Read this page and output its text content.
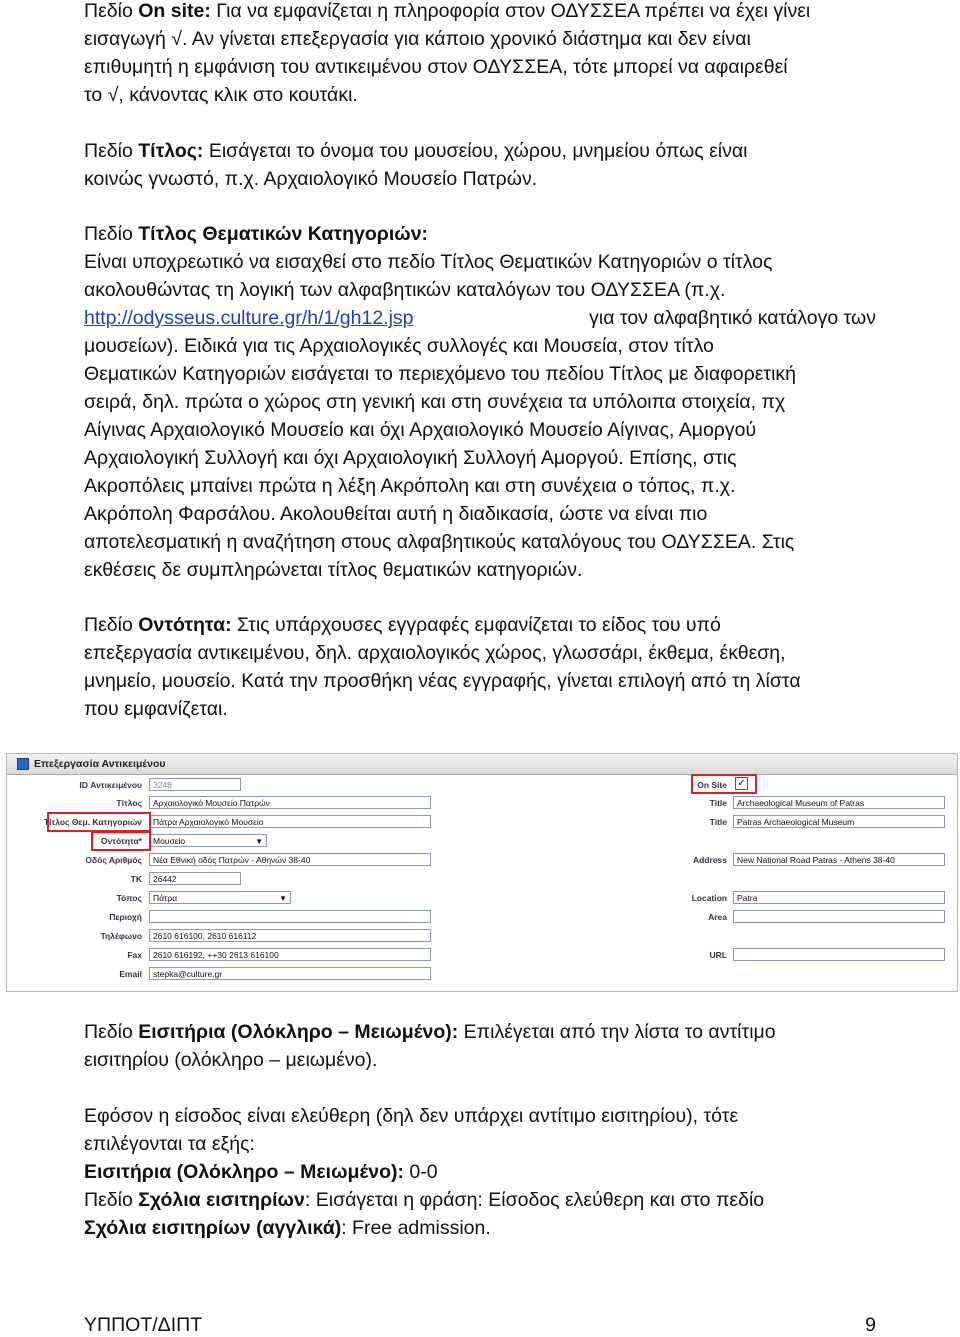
Πεδίο On site: Για να εμφανίζεται η πληροφορία στον ΟΔΥΣΣΕΑ πρέπει να έχει γίνει
εισαγωγή √. Αν γίνεται επεξεργασία για κάποιο χρονικό διάστημα και δεν είναι
επιθυμητή η εμφάνιση του αντικειμένου στον ΟΔΥΣΣΕΑ, τότε μπορεί να αφαιρεθεί
το √, κάνοντας κλικ στο κουτάκι.
Πεδίο Τίτλος: Εισάγεται το όνομα του μουσείου, χώρου, μνημείου όπως είναι
κοινώς γνωστό, π.χ. Αρχαιολογικό Μουσείο Πατρών.
Πεδίο Τίτλος Θεματικών Κατηγοριών:
Είναι υποχρεωτικό να εισαχθεί στο πεδίο Τίτλος Θεματικών Κατηγοριών ο τίτλος
ακολουθώντας τη λογική των αλφαβητικών καταλόγων του ΟΔΥΣΣΕΑ (π.χ.
http://odysseus.culture.gr/h/1/gh12.jsp	για τον αλφαβητικό κατάλογο των
μουσείων). Ειδικά για τις Αρχαιολογικές συλλογές και Μουσεία, στον τίτλο
Θεματικών Κατηγοριών εισάγεται το περιεχόμενο του πεδίου Τίτλος με διαφορετική
σειρά, δηλ. πρώτα ο χώρος στη γενική και στη συνέχεια τα υπόλοιπα στοιχεία, πχ
Αίγινας Αρχαιολογικό Μουσείο και όχι Αρχαιολογικό Μουσείο Αίγινας, Αμοργού
Αρχαιολογική Συλλογή και όχι Αρχαιολογική Συλλογή Αμοργού. Επίσης, στις
Ακροπόλεις μπαίνει πρώτα η λέξη Ακρόπολη και στη συνέχεια ο τόπος, π.χ.
Ακρόπολη Φαρσάλου. Ακολουθείται αυτή η διαδικασία, ώστε να είναι πιο
αποτελεσματική η αναζήτηση στους αλφαβητικούς καταλόγους του ΟΔΥΣΣΕΑ. Στις
εκθέσεις δε συμπληρώνεται τίτλος θεματικών κατηγοριών.
Πεδίο Οντότητα: Στις υπάρχουσες εγγραφές εμφανίζεται το είδος του υπό
επεξεργασία αντικειμένου, δηλ. αρχαιολογικός χώρος, γλωσσάρι, έκθεμα, έκθεση,
μνημείο, μουσείο. Κατά την προσθήκη νέας εγγραφής, γίνεται επιλογή από τη λίστα
που εμφανίζεται.
Επεξεργασία Αντικειμένου
ID Αντικειμένου	3248
Τίτλος	Αρχαιολογικό Μουσείο Πατρών
Τίτλος Θεμ. Κατηγοριών	Πάτρα Αρχαιολογικό Μουσείο
Οντότητα*	Μουσείο	▼
Οδός Αριθμός	Νέα Εθνική οδός Πατρών - Αθηνών 38-40
ΤΚ	26442
Τόπος	Πάτρα	▼
Περιοχή
Τηλέφωνο	2610 616100, 2610 616112
Fax	2610 616192, ++30 2613 616100
Email	stepka@culture.gr
On Site ✓
Title	Archaeological Museum of Patras
Title	Patras Archaeological Museum
Address	New National Road Patras - Athens 38-40
Location	Patra
Area
URL
Πεδίο Εισιτήρια (Ολόκληρο – Μειωμένο): Επιλέγεται από την λίστα το αντίτιμο
εισιτηρίου (ολόκληρο – μειωμένο).
Εφόσον η είσοδος είναι ελεύθερη (δηλ δεν υπάρχει αντίτιμο εισιτηρίου), τότε
επιλέγονται τα εξής:
Εισιτήρια (Ολόκληρο – Μειωμένο): 0-0
Πεδίο Σχόλια εισιτηρίων: Εισάγεται η φράση: Είσοδος ελεύθερη και στο πεδίο
Σχόλια εισιτηρίων (αγγλικά): Free admission.
ΥΠΠΟΤ/ΔΙΠΤ	9
